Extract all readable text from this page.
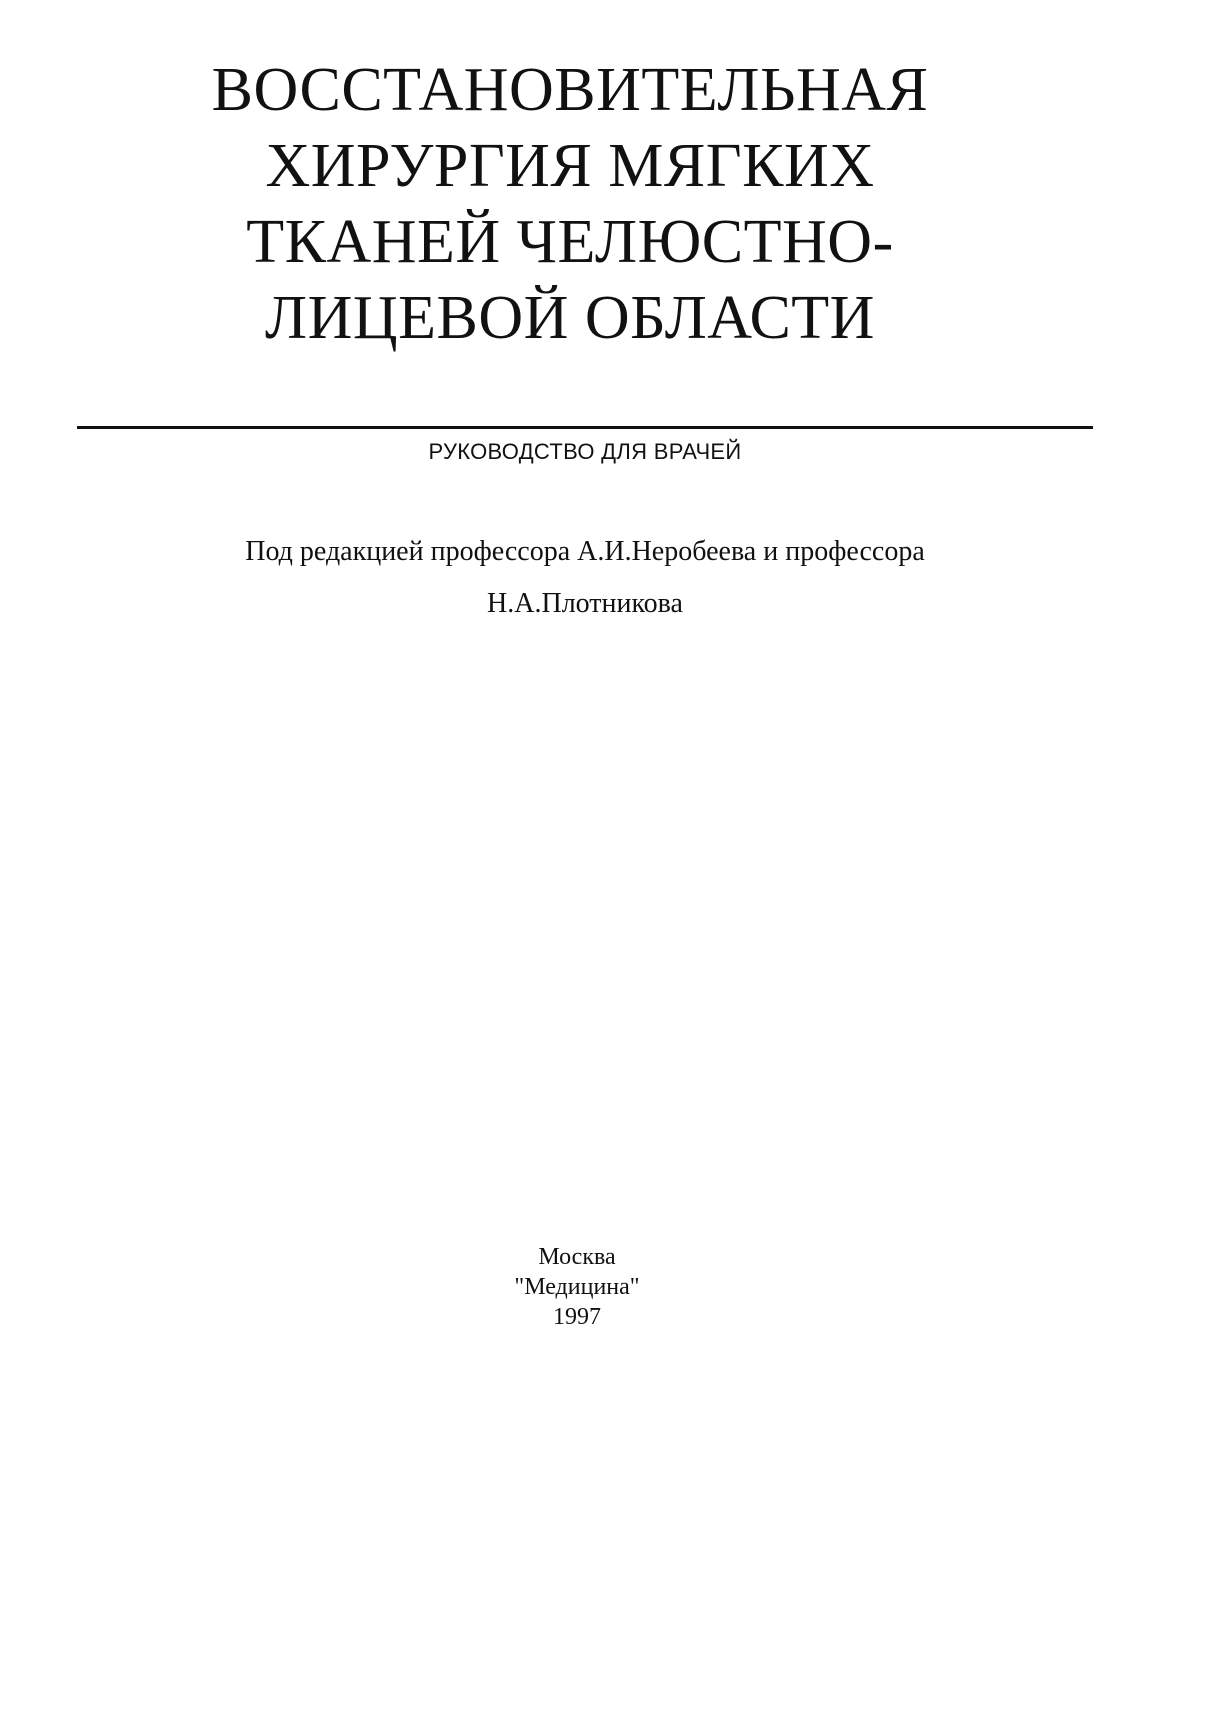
ВОССТАНОВИТЕЛЬНАЯ
ХИРУРГИЯ МЯГКИХ
ТКАНЕЙ ЧЕЛЮСТНО-
ЛИЦЕВОЙ ОБЛАСТИ
РУКОВОДСТВО ДЛЯ ВРАЧЕЙ
Под редакцией профессора А.И.Неробеева и профессора
Н.А.Плотникова
Москва
"Медицина"
1997
